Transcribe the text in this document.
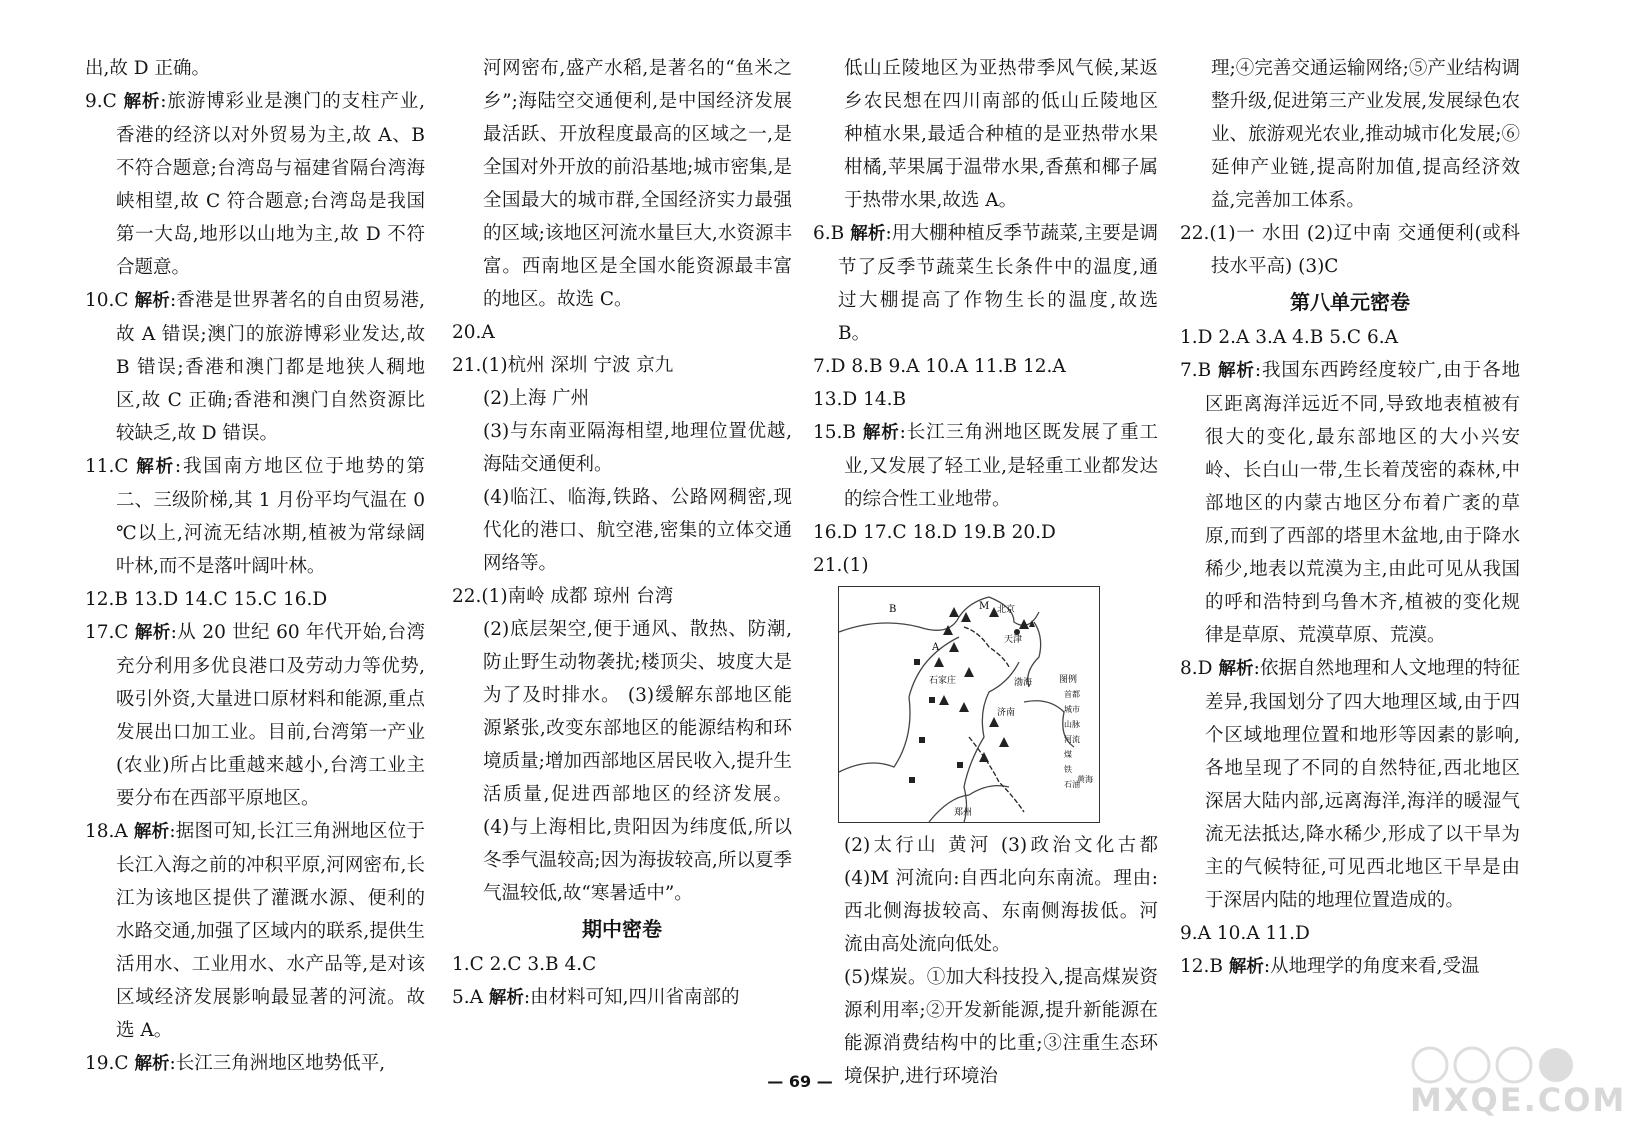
出,故 D 正确。

9.C 解析:旅游博彩业是澳门的支柱产业,香港的经济以对外贸易为主,故 A、B 不符合题意;台湾岛与福建省隔台湾海峡相望,故 C 符合题意;台湾岛是我国第一大岛,地形以山地为主,故 D 不符合题意。

10.C 解析:香港是世界著名的自由贸易港,故 A 错误;澳门的旅游博彩业发达,故 B 错误;香港和澳门都是地狭人稠地区,故 C 正确;香港和澳门自然资源比较缺乏,故 D 错误。

11.C 解析:我国南方地区位于地势的第二、三级阶梯,其 1 月份平均气温在 0 ℃以上,河流无结冰期,植被为常绿阔叶林,而不是落叶阔叶林。

12.B 13.D 14.C 15.C 16.D

17.C 解析:从 20 世纪 60 年代开始,台湾充分利用多优良港口及劳动力等优势,吸引外资,大量进口原材料和能源,重点发展出口加工业。目前,台湾第一产业(农业)所占比重越来越小,台湾工业主要分布在西部平原地区。

18.A 解析:据图可知,长江三角洲地区位于长江入海之前的冲积平原,河网密布,长江为该地区提供了灌溉水源、便利的水路交通,加强了区域内的联系,提供生活用水、工业用水、水产品等,是对该区域经济发展影响最显著的河流。故选 A。

19.C 解析:长江三角洲地区地势低平,

河网密布,盛产水稻,是著名的“鱼米之乡”;海陆空交通便利,是中国经济发展最活跃、开放程度最高的区域之一,是全国对外开放的前沿基地;城市密集,是全国最大的城市群,全国经济实力最强的区域;该地区河流水量巨大,水资源丰富。西南地区是全国水能资源最丰富的地区。故选 C。

20.A

21.(1)杭州 深圳 宁波 京九

(2)上海 广州

(3)与东南亚隔海相望,地理位置优越,海陆交通便利。

(4)临江、临海,铁路、公路网稠密,现代化的港口、航空港,密集的立体交通网络等。

22.(1)南岭 成都 琼州 台湾

(2)底层架空,便于通风、散热、防潮,防止野生动物袭扰;楼顶尖、坡度大是为了及时排水。 (3)缓解东部地区能源紧张,改变东部地区的能源结构和环境质量;增加西部地区居民收入,提升生活质量,促进西部地区的经济发展。 (4)与上海相比,贵阳因为纬度低,所以冬季气温较高;因为海拔较高,所以夏季气温较低,故“寒暑适中”。

期中密卷

1.C 2.C 3.B 4.C

5.A 解析:由材料可知,四川省南部的

低山丘陵地区为亚热带季风气候,某返乡农民想在四川南部的低山丘陵地区种植水果,最适合种植的是亚热带水果柑橘,苹果属于温带水果,香蕉和椰子属于热带水果,故选 A。

6.B 解析:用大棚种植反季节蔬菜,主要是调节了反季节蔬菜生长条件中的温度,通过大棚提高了作物生长的温度,故选 B。

7.D 8.B 9.A 10.A 11.B 12.A

13.D 14.B

15.B 解析:长江三角洲地区既发展了重工业,又发展了轻工业,是轻重工业都发达的综合性工业地带。

16.D 17.C 18.D 19.B 20.D

21.(1)

B	M
A
北京
天津
渤海
石家庄
济南
郑州
黄海
图例
首都
城市
山脉
河流
煤
铁
石油

(2)太行山 黄河 (3)政治文化古都 (4)M 河流向:自西北向东南流。理由:西北侧海拔较高、东南侧海拔低。河流由高处流向低处。

(5)煤炭。①加大科技投入,提高煤炭资源利用率;②开发新能源,提升新能源在能源消费结构中的比重;③注重生态环境保护,进行环境治

理;④完善交通运输网络;⑤产业结构调整升级,促进第三产业发展,发展绿色农业、旅游观光农业,推动城市化发展;⑥延伸产业链,提高附加值,提高经济效益,完善加工体系。

22.(1)一 水田 (2)辽中南 交通便利(或科技水平高) (3)C

第八单元密卷

1.D 2.A 3.A 4.B 5.C 6.A

7.B 解析:我国东西跨经度较广,由于各地区距离海洋远近不同,导致地表植被有很大的变化,最东部地区的大小兴安岭、长白山一带,生长着茂密的森林,中部地区的内蒙古地区分布着广袤的草原,而到了西部的塔里木盆地,由于降水稀少,地表以荒漠为主,由此可见从我国的呼和浩特到乌鲁木齐,植被的变化规律是草原、荒漠草原、荒漠。

8.D 解析:依据自然地理和人文地理的特征差异,我国划分了四大地理区域,由于四个区域地理位置和地形等因素的影响,各地呈现了不同的自然特征,西北地区深居大陆内部,远离海洋,海洋的暖湿气流无法抵达,降水稀少,形成了以干旱为主的气候特征,可见西北地区干旱是由于深居内陆的地理位置造成的。

9.A 10.A 11.D

12.B 解析:从地理学的角度来看,受温

— 69 —	MXQE.COM
